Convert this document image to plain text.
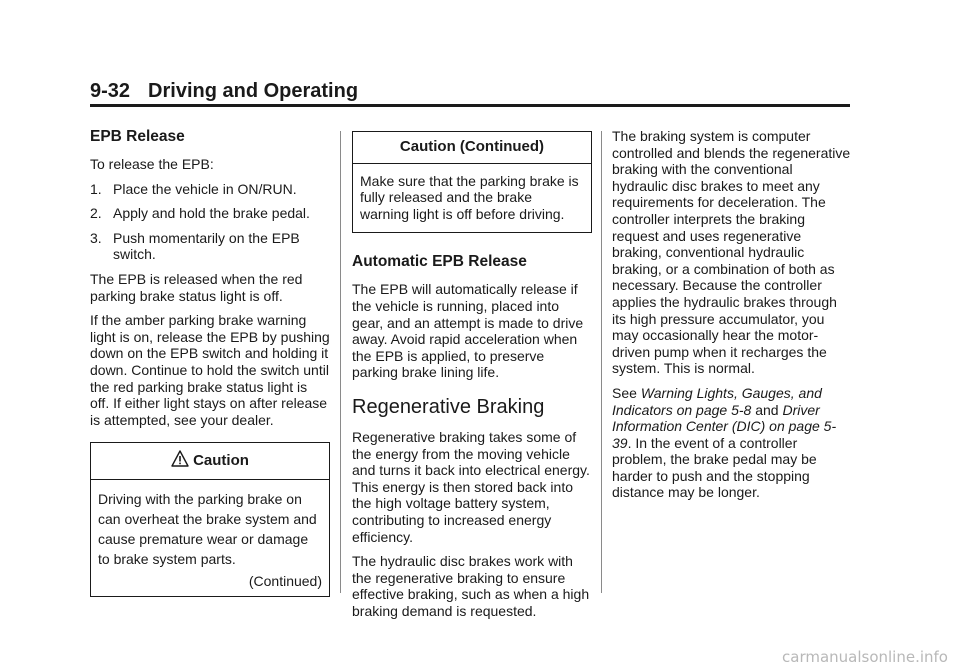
9-32 Driving and Operating
EPB Release

To release the EPB:

1. Place the vehicle in ON/RUN.
2. Apply and hold the brake pedal.
3. Push momentarily on the EPB switch.

The EPB is released when the red parking brake status light is off.

If the amber parking brake warning light is on, release the EPB by pushing down on the EPB switch and holding it down. Continue to hold the switch until the red parking brake status light is off. If either light stays on after release is attempted, see your dealer.

Caution

Driving with the parking brake on can overheat the brake system and cause premature wear or damage to brake system parts.

(Continued)
Caution (Continued)

Make sure that the parking brake is fully released and the brake warning light is off before driving.

Automatic EPB Release

The EPB will automatically release if the vehicle is running, placed into gear, and an attempt is made to drive away. Avoid rapid acceleration when the EPB is applied, to preserve parking brake lining life.

Regenerative Braking

Regenerative braking takes some of the energy from the moving vehicle and turns it back into electrical energy. This energy is then stored back into the high voltage battery system, contributing to increased energy efficiency.

The hydraulic disc brakes work with the regenerative braking to ensure effective braking, such as when a high braking demand is requested.

The braking system is computer controlled and blends the regenerative braking with the conventional hydraulic disc brakes to meet any requirements for deceleration. The controller interprets the braking request and uses regenerative braking, conventional hydraulic braking, or a combination of both as necessary. Because the controller applies the hydraulic brakes through its high pressure accumulator, you may occasionally hear the motor-driven pump when it recharges the system. This is normal.

See Warning Lights, Gauges, and Indicators on page 5-8 and Driver Information Center (DIC) on page 5-39. In the event of a controller problem, the brake pedal may be harder to push and the stopping distance may be longer.

carmanualsonline.info
